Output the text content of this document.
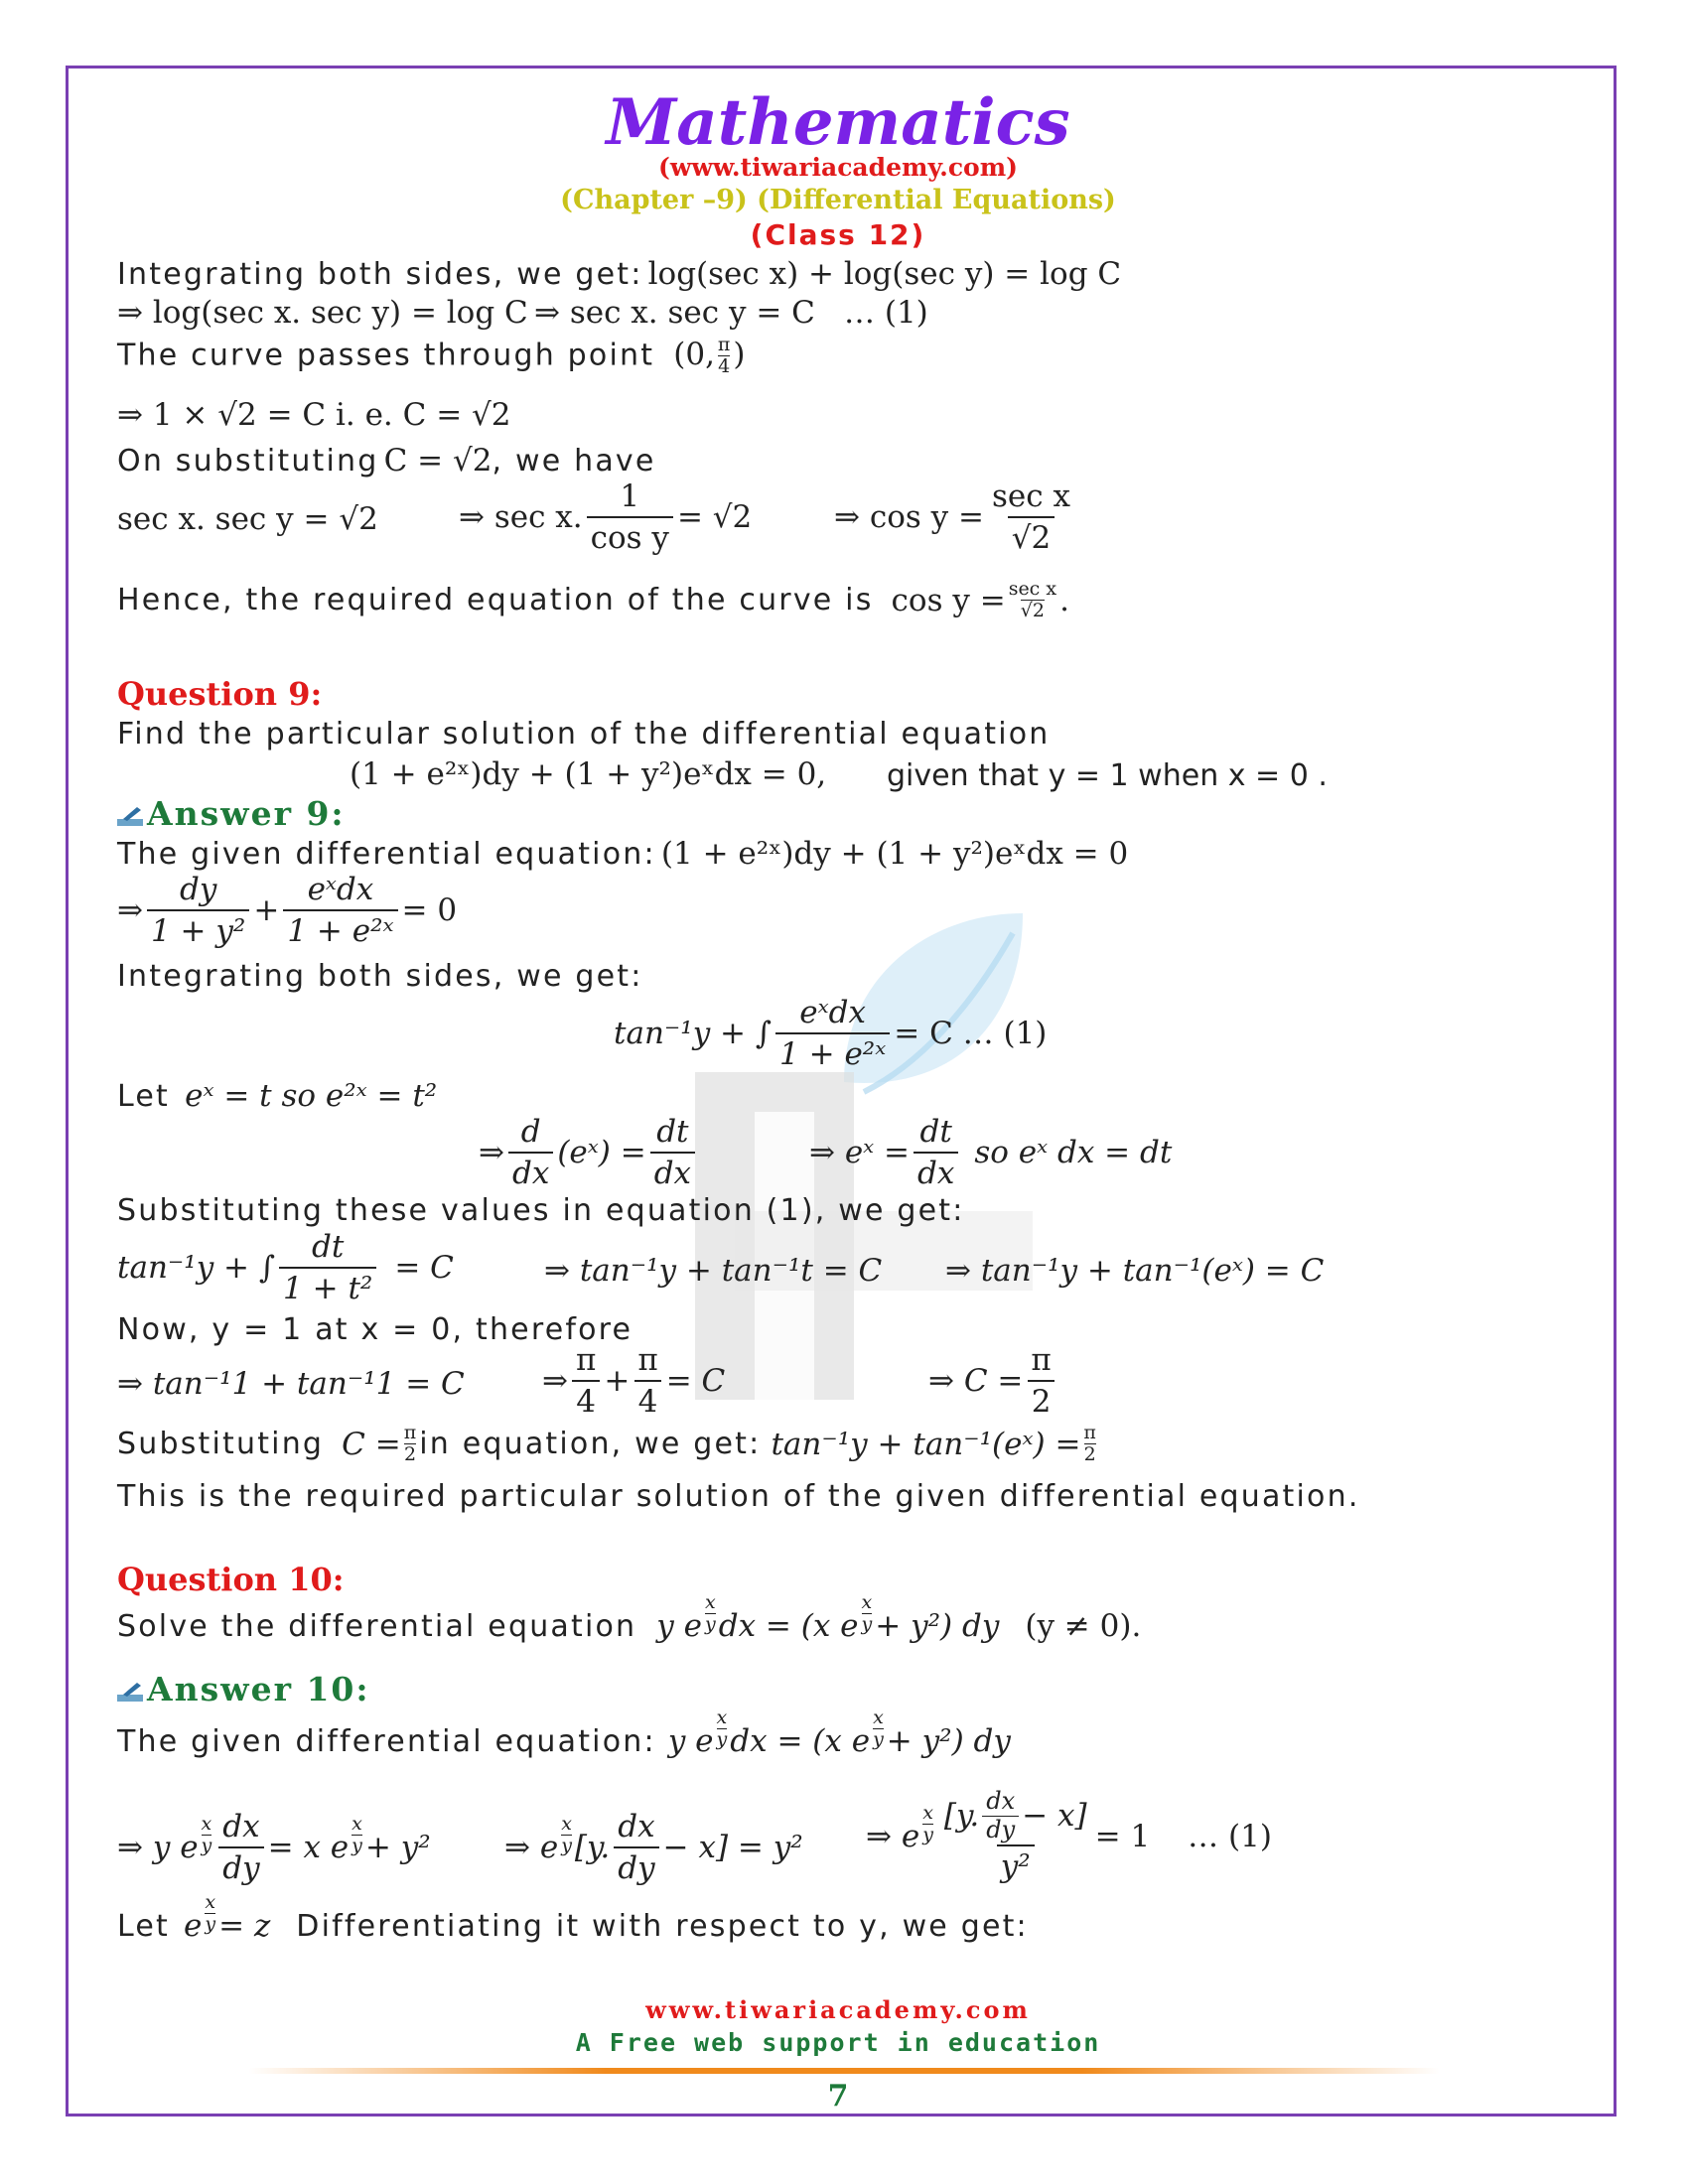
Mathematics
(www.tiwariacademy.com)
(Chapter –9) (Differential Equations)
(Class 12)
Integrating both sides, we get: log(sec x) + log(sec y) = log C
⇒ log(sec x. sec y) = log C ⇒ sec x. sec y = C … (1)
The curve passes through point (0, $\frac{\pi}{4}$ )
⇒ 1 × √2 = C i. e. C = √2
On substituting C = √2, we have
sec x. sec y = √2	⇒ sec x. $\frac{1}{\text{cos y}} = √2$	⇒ $\cos y = \frac{\text{sec x}}{√2}$
Hence, the required equation of the curve is cos y = sec x
√2 .
Question 9:
Find the particular solution of the differential equation
(1 + e²ˣ)dy + (1 + y²)eˣdx = 0, given that y = 1 when x = 0 .
Answer 9:
The given differential equation: (1 + e²ˣ)dy + (1 + y²)eˣdx = 0
⇒ $\frac{dy}{\text{1 + y²}} + \frac{\text{eˣdx}}{\text{1 + e²ˣ}} = 0$
Integrating both sides, we get:
tan⁻¹y + ∫ $\frac{\text{eˣdx}}{\text{1 + e²ˣ}} = C$ … (1)
Let eˣ = t so e²ˣ = t²
⇒ $\frac{d}{dx}$ (eˣ) = $\frac{dt}{dx}$	⇒ eˣ = $\frac{dt}{dx}$ so eˣ dx = dt
Substituting these values in equation (1), we get:
tan⁻¹y + ∫ $\frac{dt}{\text{1 + t²}} = C$	⇒ tan⁻¹y + tan⁻¹t = C ⇒ tan⁻¹y + tan⁻¹(eˣ) = C
Now, y = 1 at x = 0, therefore
⇒ tan⁻¹1 + tan⁻¹1 = C	⇒ $\frac{\pi}{4} + \frac{\pi}{4} = C$	⇒ $C = \frac{\pi}{2}$
Substituting $C = \frac{\pi}{2}$ in equation, we get: tan⁻¹y + tan⁻¹(eˣ) = $\frac{\pi}{2}$
This is the required particular solution of the given differential equation.
Question 10:
Solve the differential equation y e $\frac{x}{y}$ dx = (x e $\frac{x}{y} + y^2$) dy (y ≠ 0).
Answer 10:
The given differential equation: y e $\frac{x}{y}$ dx = (x e $\frac{x}{y} + y^2$) dy
⇒ y e $\frac{x}{y} \frac{dx}{dy} = x$ e $\frac{x}{y} + y^2$ ⇒ e $\frac{x}{y} [y$. $\frac{dx}{dy} - x] = y^2$ ⇒ e $\frac{x}{y} \frac{[y. \frac{dx}{dy} - x]}{\text{y²}} = 1$ … (1)
Let e $\frac{x}{y} = z$ Differentiating it with respect to y, we get:
www.tiwariacademy.com
A Free web support in education
7
